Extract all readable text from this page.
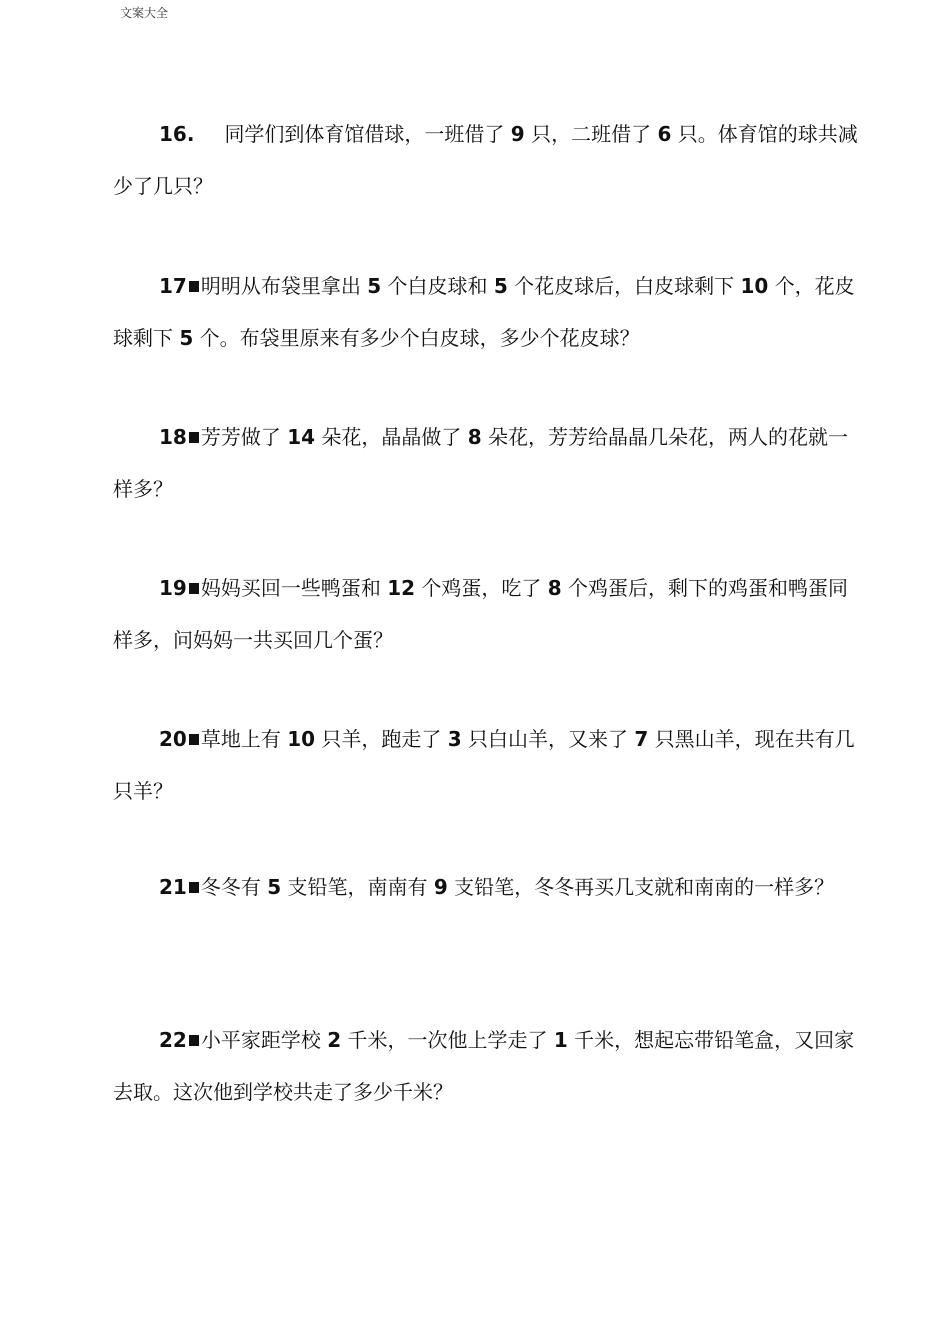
文案大全
16. 同学们到体育馆借球，一班借了 9 只，二班借了 6 只。体育馆的球共减少了几只？
17 明明从布袋里拿出 5 个白皮球和 5 个花皮球后，白皮球剩下 10 个，花皮球剩下 5 个。布袋里原来有多少个白皮球，多少个花皮球？
18 芳芳做了 14 朵花，晶晶做了 8 朵花，芳芳给晶晶几朵花，两人的花就一样多？
19 妈妈买回一些鸭蛋和 12 个鸡蛋，吃了 8 个鸡蛋后，剩下的鸡蛋和鸭蛋同样多，问妈妈一共买回几个蛋？
20 草地上有 10 只羊，跑走了 3 只白山羊，又来了 7 只黑山羊，现在共有几只羊？
21 冬冬有 5 支铅笔，南南有 9 支铅笔，冬冬再买几支就和南南的一样多？
22 小平家距学校 2 千米，一次他上学走了 1 千米，想起忘带铅笔盒，又回家去取。这次他到学校共走了多少千米？
